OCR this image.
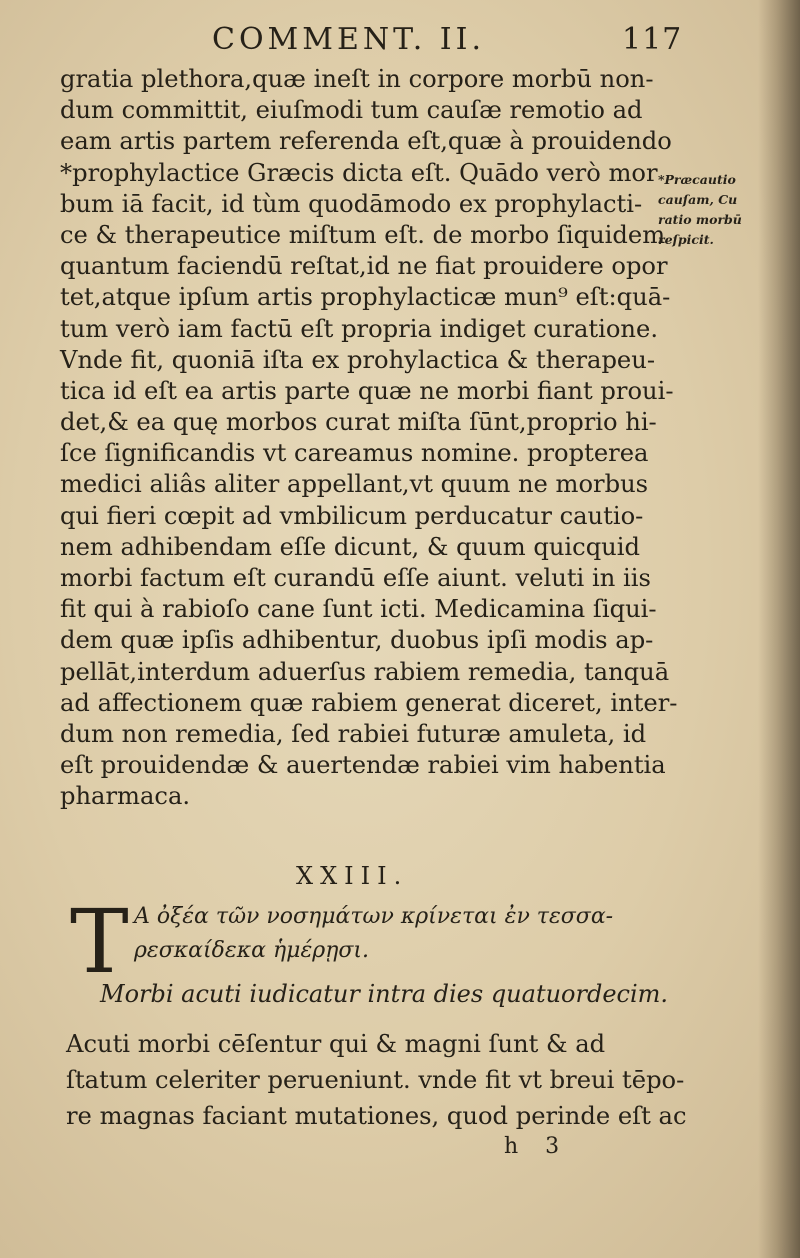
COMMENT. II.	117
gratia plethora,quæ ineſt in corpore morbū non-
dum committit, eiuſmodi tum cauſæ remotio ad
eam artis partem referenda eſt,quæ à prouidendo
*prophylactice Græcis dicta eſt. Quādo verò mor
bum iā facit, id tùm quodāmodo ex prophylacti-
ce & therapeutice miſtum eſt. de morbo ſiquidem
quantum faciendū reſtat,id ne fiat prouidere opor
tet,atque ipſum artis prophylacticæ mun⁹ eſt:quā-
tum verò iam factū eſt propria indiget curatione.
Vnde fit, quoniā iſta ex prohylactica & therapeu-
tica id eſt ea artis parte quæ ne morbi fiant proui-
det,& ea quę morbos curat miſta ſūnt,proprio hi-
ſce ſignificandis vt careamus nomine. propterea
medici aliâs aliter appellant,vt quum ne morbus
qui fieri cœpit ad vmbilicum perducatur cautio-
nem adhibendam eſſe dicunt, & quum quicquid
morbi factum eſt curandū eſſe aiunt. veluti in iis
fit qui à rabioſo cane ſunt icti. Medicamina ſiqui-
dem quæ ipſis adhibentur, duobus ipſi modis ap-
pellāt,interdum aduerſus rabiem remedia, tanquā
ad affectionem quæ rabiem generat diceret, inter-
dum non remedia, ſed rabiei futuræ amuleta, id
eſt prouidendæ & auertendæ rabiei vim habentia
pharmaca.
*Præcautio
cauſam, Cu
ratio morbū
reſpicit.
XXIII.
T Α ὀξέα τῶν νοσημάτων κρίνεται ἐν τεσσα-
ρεσκαίδεκα ἡμέρῃσι.
Morbi acuti iudicatur intra dies quatuordecim.
Acuti morbi cēſentur qui & magni ſunt & ad
ſtatum celeriter perueniunt. vnde fit vt breui tēpo-
re magnas faciant mutationes, quod perinde eſt ac
h 3
